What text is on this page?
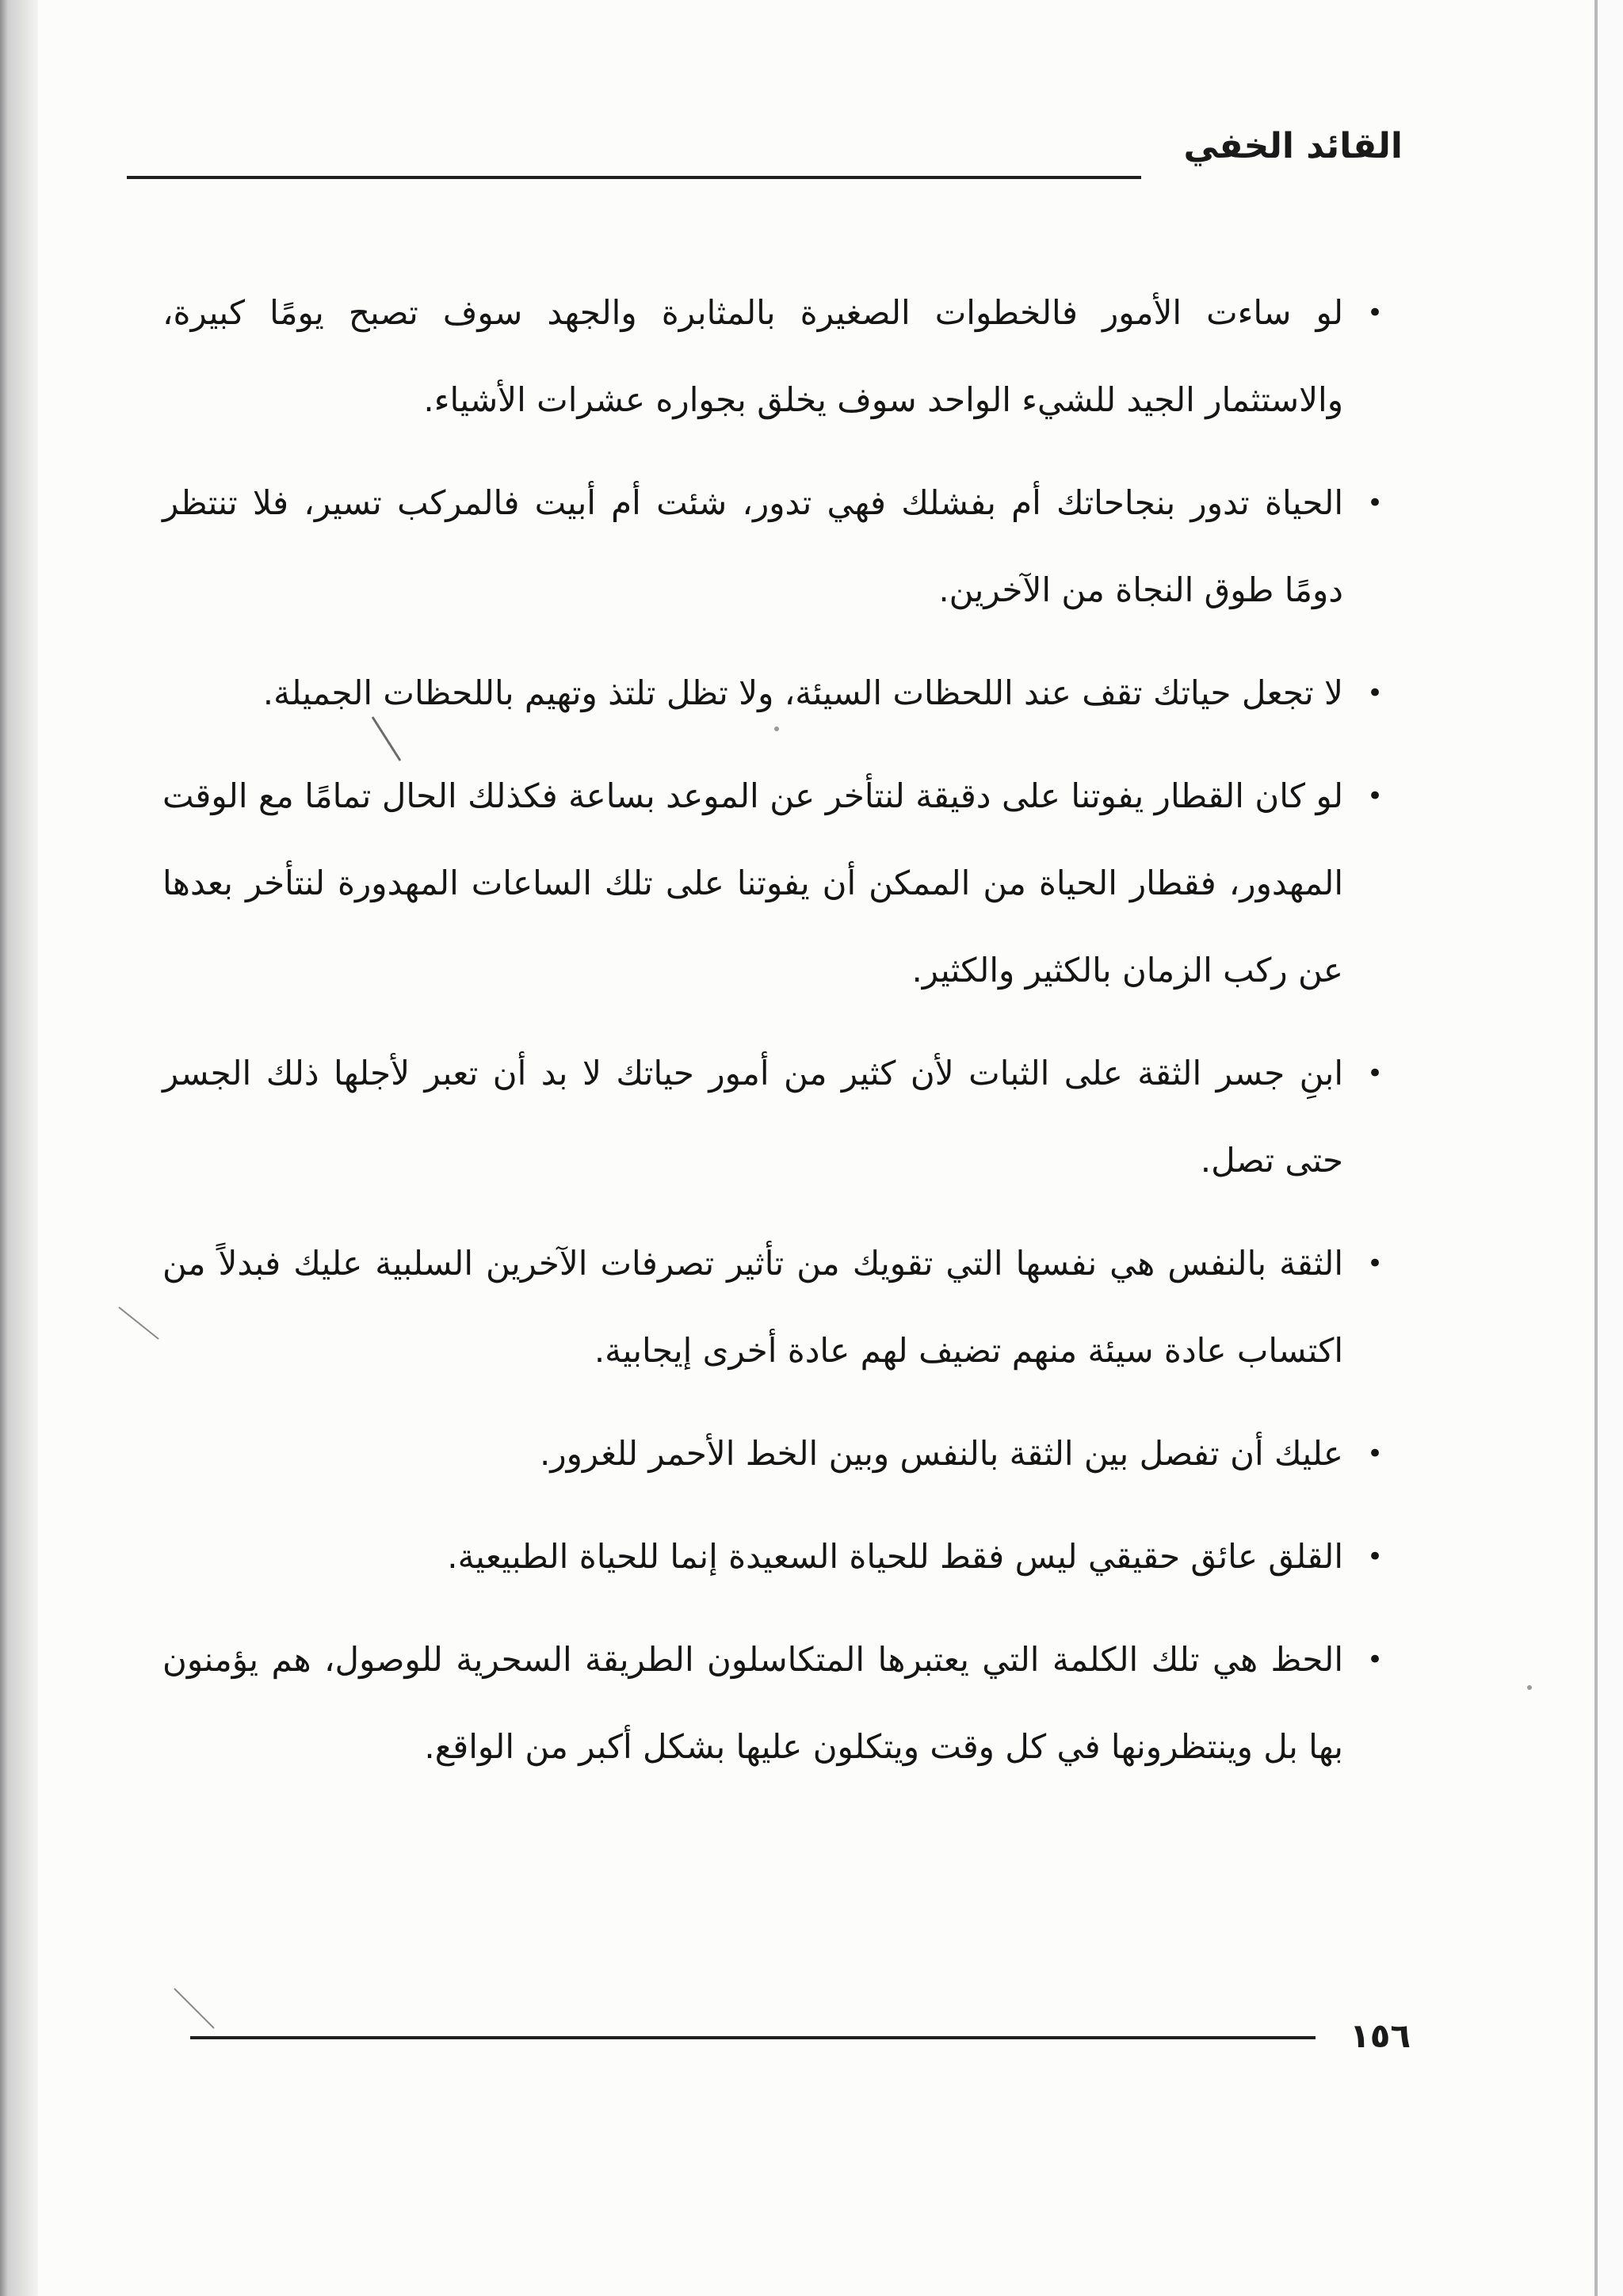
القائد الخفي
•
لو ساءت الأمور فالخطوات الصغيرة بالمثابرة والجهد سوف تصبح يومًا كبيرة، والاستثمار الجيد للشيء الواحد سوف يخلق بجواره عشرات الأشياء.
•
الحياة تدور بنجاحاتك أم بفشلك فهي تدور، شئت أم أبيت فالمركب تسير، فلا تنتظر دومًا طوق النجاة من الآخرين.
•
لا تجعل حياتك تقف عند اللحظات السيئة، ولا تظل تلتذ وتهيم باللحظات الجميلة.
•
لو كان القطار يفوتنا على دقيقة لنتأخر عن الموعد بساعة فكذلك الحال تمامًا مع الوقت المهدور، فقطار الحياة من الممكن أن يفوتنا على تلك الساعات المهدورة لنتأخر بعدها عن ركب الزمان بالكثير والكثير.
•
ابنِ جسر الثقة على الثبات لأن كثير من أمور حياتك لا بد أن تعبر لأجلها ذلك الجسر حتى تصل.
•
الثقة بالنفس هي نفسها التي تقويك من تأثير تصرفات الآخرين السلبية عليك فبدلاً من اكتساب عادة سيئة منهم تضيف لهم عادة أخرى إيجابية.
•
عليك أن تفصل بين الثقة بالنفس وبين الخط الأحمر للغرور.
•
القلق عائق حقيقي ليس فقط للحياة السعيدة إنما للحياة الطبيعية.
•
الحظ هي تلك الكلمة التي يعتبرها المتكاسلون الطريقة السحرية للوصول، هم يؤمنون بها بل وينتظرونها في كل وقت ويتكلون عليها بشكل أكبر من الواقع.
١٥٦
